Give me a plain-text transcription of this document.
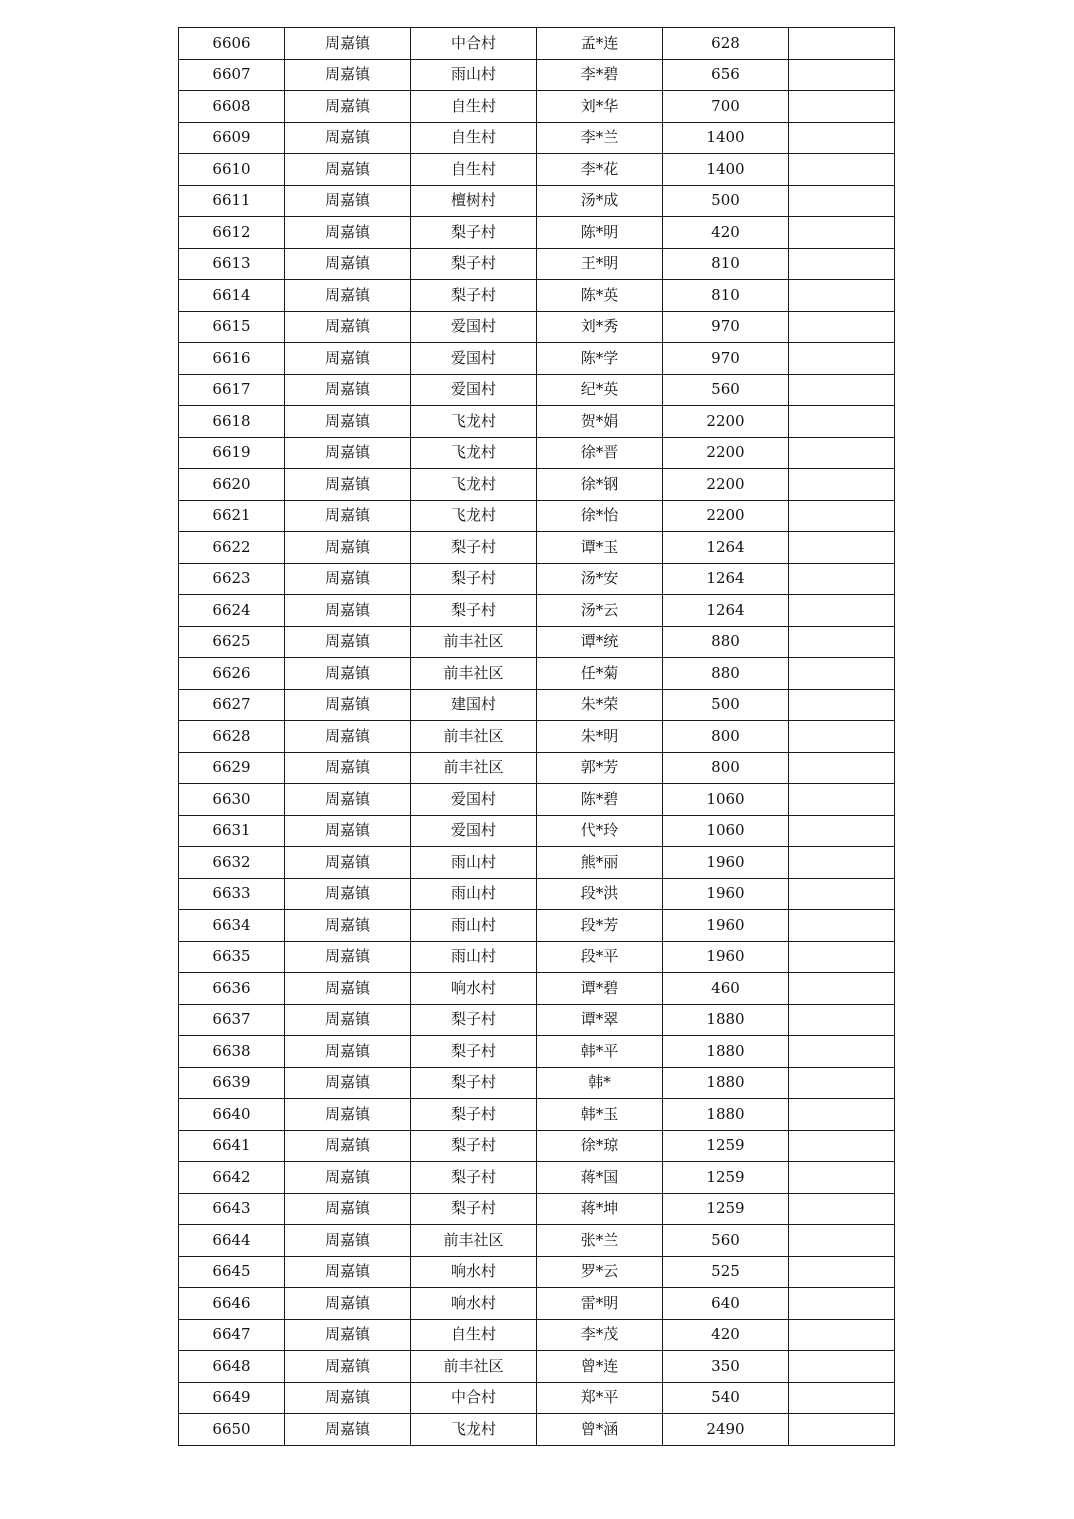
6606	周嘉镇	中合村	孟*连	628	
6607	周嘉镇	雨山村	李*碧	656	
6608	周嘉镇	自生村	刘*华	700	
6609	周嘉镇	自生村	李*兰	1400	
6610	周嘉镇	自生村	李*花	1400	
6611	周嘉镇	檀树村	汤*成	500	
6612	周嘉镇	梨子村	陈*明	420	
6613	周嘉镇	梨子村	王*明	810	
6614	周嘉镇	梨子村	陈*英	810	
6615	周嘉镇	爱国村	刘*秀	970	
6616	周嘉镇	爱国村	陈*学	970	
6617	周嘉镇	爱国村	纪*英	560	
6618	周嘉镇	飞龙村	贺*娟	2200	
6619	周嘉镇	飞龙村	徐*晋	2200	
6620	周嘉镇	飞龙村	徐*钢	2200	
6621	周嘉镇	飞龙村	徐*怡	2200	
6622	周嘉镇	梨子村	谭*玉	1264	
6623	周嘉镇	梨子村	汤*安	1264	
6624	周嘉镇	梨子村	汤*云	1264	
6625	周嘉镇	前丰社区	谭*统	880	
6626	周嘉镇	前丰社区	任*菊	880	
6627	周嘉镇	建国村	朱*荣	500	
6628	周嘉镇	前丰社区	朱*明	800	
6629	周嘉镇	前丰社区	郭*芳	800	
6630	周嘉镇	爱国村	陈*碧	1060	
6631	周嘉镇	爱国村	代*玲	1060	
6632	周嘉镇	雨山村	熊*丽	1960	
6633	周嘉镇	雨山村	段*洪	1960	
6634	周嘉镇	雨山村	段*芳	1960	
6635	周嘉镇	雨山村	段*平	1960	
6636	周嘉镇	响水村	谭*碧	460	
6637	周嘉镇	梨子村	谭*翠	1880	
6638	周嘉镇	梨子村	韩*平	1880	
6639	周嘉镇	梨子村	韩*	1880	
6640	周嘉镇	梨子村	韩*玉	1880	
6641	周嘉镇	梨子村	徐*琼	1259	
6642	周嘉镇	梨子村	蒋*国	1259	
6643	周嘉镇	梨子村	蒋*坤	1259	
6644	周嘉镇	前丰社区	张*兰	560	
6645	周嘉镇	响水村	罗*云	525	
6646	周嘉镇	响水村	雷*明	640	
6647	周嘉镇	自生村	李*茂	420	
6648	周嘉镇	前丰社区	曾*连	350	
6649	周嘉镇	中合村	郑*平	540	
6650	周嘉镇	飞龙村	曾*涵	2490	
